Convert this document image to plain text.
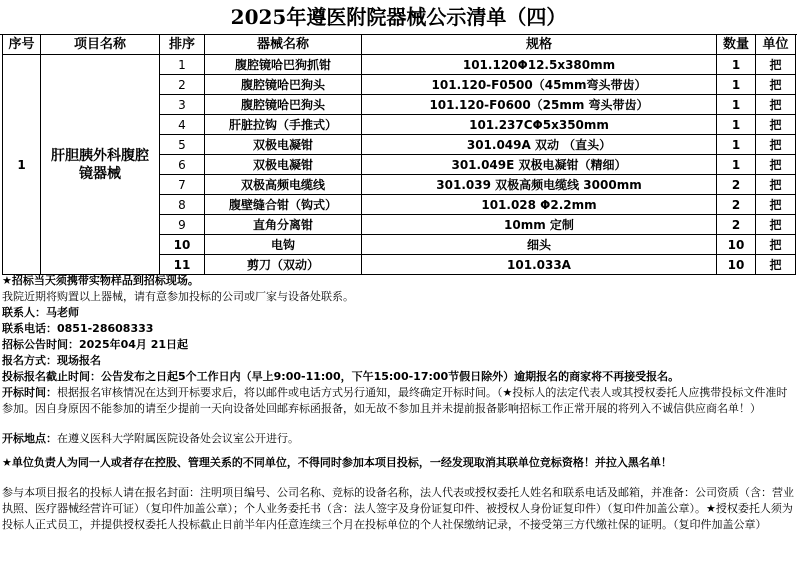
2025年遵医附院器械公示清单（四）
序号	项目名称	排序	器械名称	规格	数量	单位
1	肝胆胰外科腹腔镜器械	1	腹腔镜哈巴狗抓钳	101.120Φ12.5x380mm	1	把
		2	腹腔镜哈巴狗头	101.120-F0500（45mm弯头带齿）	1	把
		3	腹腔镜哈巴狗头	101.120-F0600（25mm 弯头带齿）	1	把
		4	肝脏拉钩（手推式）	101.237CΦ5x350mm	1	把
		5	双极电凝钳	301.049A 双动 （直头）	1	把
		6	双极电凝钳	301.049E 双极电凝钳（精细）	1	把
		7	双极高频电缆线	301.039 双极高频电缆线 3000mm	2	把
		8	腹壁缝合钳（钩式）	101.028 Φ2.2mm	2	把
		9	直角分离钳	10mm 定制	2	把
		10	电钩	细头	10	把
		11	剪刀（双动）	101.033A	10	把

★招标当天须携带实物样品到招标现场。

我院近期将购置以上器械，请有意参加投标的公司或厂家与设备处联系。

联系人：马老师

联系电话：0851-28608333

招标公告时间：2025年04月 21日起

报名方式：现场报名

投标报名截止时间：公告发布之日起5个工作日内（早上9:00-11:00，下午15:00-17:00节假日除外）逾期报名的商家将不再接受报名。

开标时间：根据报名审核情况在达到开标要求后，将以邮件或电话方式另行通知，最终确定开标时间。（★投标人的法定代表人或其授权委托人应携带投标文件准时参加。因自身原因不能参加的请至少提前一天向设备处回邮弃标函报备，如无故不参加且并未提前报备影响招标工作正常开展的将列入不诚信供应商名单！）

开标地点：在遵义医科大学附属医院设备处会议室公开进行。

★单位负责人为同一人或者存在控股、管理关系的不同单位，不得同时参加本项目投标，一经发现取消其联单位竞标资格！并拉入黑名单！

参与本项目报名的投标人请在报名封面：注明项目编号、公司名称、竞标的设备名称，法人代表或授权委托人姓名和联系电话及邮箱，并准备：公司资质（含：营业执照、医疗器械经营许可证）（复印件加盖公章）；个人业务委托书（含：法人签字及身份证复印件、被授权人身份证复印件）（复印件加盖公章）。★授权委托人须为投标人正式员工，并提供授权委托人投标截止日前半年内任意连续三个月在投标单位的个人社保缴纳记录，不接受第三方代缴社保的证明。（复印件加盖公章）
